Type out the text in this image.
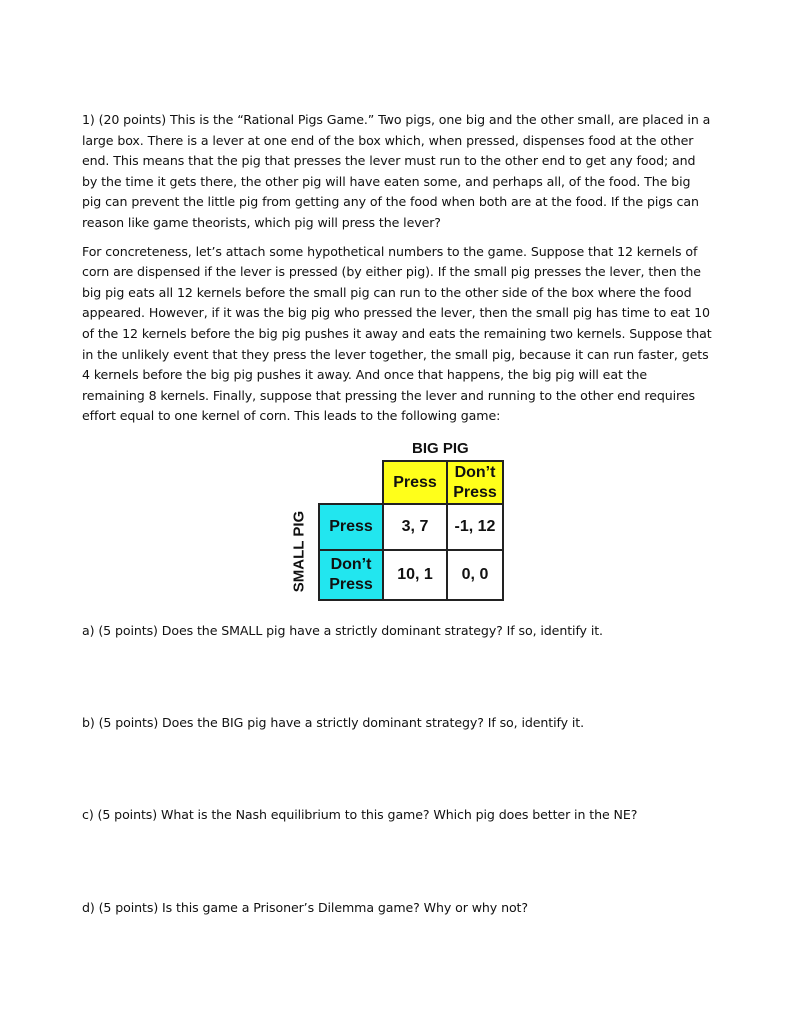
1) (20 points) This is the “Rational Pigs Game.” Two pigs, one big and the other small, are placed in a large box. There is a lever at one end of the box which, when pressed, dispenses food at the other end. This means that the pig that presses the lever must run to the other end to get any food; and by the time it gets there, the other pig will have eaten some, and perhaps all, of the food. The big pig can prevent the little pig from getting any of the food when both are at the food. If the pigs can reason like game theorists, which pig will press the lever?

For concreteness, let’s attach some hypothetical numbers to the game. Suppose that 12 kernels of corn are dispensed if the lever is pressed (by either pig). If the small pig presses the lever, then the big pig eats all 12 kernels before the small pig can run to the other side of the box where the food appeared. However, if it was the big pig who pressed the lever, then the small pig has time to eat 10 of the 12 kernels before the big pig pushes it away and eats the remaining two kernels. Suppose that in the unlikely event that they press the lever together, the small pig, because it can run faster, gets 4 kernels before the big pig pushes it away. And once that happens, the big pig will eat the remaining 8 kernels. Finally, suppose that pressing the lever and running to the other end requires effort equal to one kernel of corn. This leads to the following game:

BIG PIG
SMALL PIG
Press
Don’t
Press
Press
Don’t
Press
3, 7 -1, 12
10, 1 0, 0
a) (5 points) Does the SMALL pig have a strictly dominant strategy? If so, identify it.
b) (5 points) Does the BIG pig have a strictly dominant strategy? If so, identify it.
c) (5 points) What is the Nash equilibrium to this game? Which pig does better in the NE?
d) (5 points) Is this game a Prisoner’s Dilemma game? Why or why not?
